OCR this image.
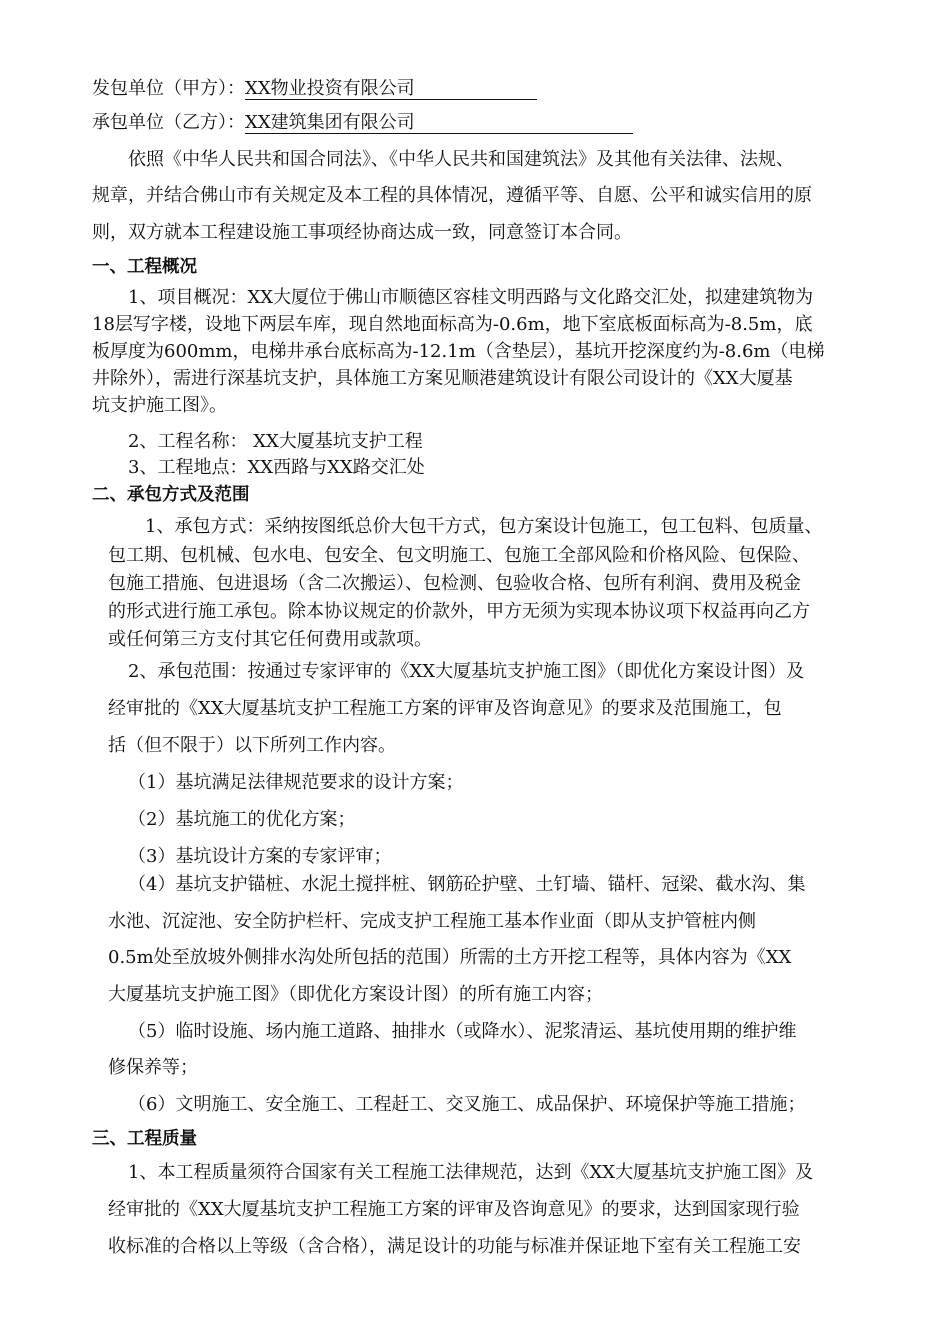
发包单位（甲方）：XX物业投资有限公司
承包单位（乙方）：XX建筑集团有限公司
依照《中华人民共和国合同法》、《中华人民共和国建筑法》及其他有关法律、法规、
规章，并结合佛山市有关规定及本工程的具体情况，遵循平等、自愿、公平和诚实信用的原
则，双方就本工程建设施工事项经协商达成一致，同意签订本合同。
一、工程概况
1、项目概况：XX大厦位于佛山市顺德区容桂文明西路与文化路交汇处，拟建建筑物为
18层写字楼，设地下两层车库，现自然地面标高为-0.6m，地下室底板面标高为-8.5m，底
板厚度为600mm，电梯井承台底标高为-12.1m（含垫层），基坑开挖深度约为-8.6m（电梯
井除外），需进行深基坑支护，具体施工方案见顺港建筑设计有限公司设计的《XX大厦基
坑支护施工图》。
2、工程名称： XX大厦基坑支护工程
3、工程地点：XX西路与XX路交汇处
二、承包方式及范围
1、承包方式：采纳按图纸总价大包干方式，包方案设计包施工，包工包料、包质量、
包工期、包机械、包水电、包安全、包文明施工、包施工全部风险和价格风险、包保险、
包施工措施、包进退场（含二次搬运）、包检测、包验收合格、包所有利润、费用及税金
的形式进行施工承包。除本协议规定的价款外，甲方无须为实现本协议项下权益再向乙方
或任何第三方支付其它任何费用或款项。
2、承包范围：按通过专家评审的《XX大厦基坑支护施工图》（即优化方案设计图）及
经审批的《XX大厦基坑支护工程施工方案的评审及咨询意见》的要求及范围施工，包
括（但不限于）以下所列工作内容。
（1）基坑满足法律规范要求的设计方案；
（2）基坑施工的优化方案；
（3）基坑设计方案的专家评审；
（4）基坑支护锚桩、水泥土搅拌桩、钢筋砼护壁、土钉墙、锚杆、冠梁、截水沟、集
水池、沉淀池、安全防护栏杆、完成支护工程施工基本作业面（即从支护管桩内侧
0.5m处至放坡外侧排水沟处所包括的范围）所需的土方开挖工程等，具体内容为《XX
大厦基坑支护施工图》（即优化方案设计图）的所有施工内容；
（5）临时设施、场内施工道路、抽排水（或降水）、泥浆清运、基坑使用期的维护维
修保养等；
（6）文明施工、安全施工、工程赶工、交叉施工、成品保护、环境保护等施工措施；
三、工程质量
1、本工程质量须符合国家有关工程施工法律规范，达到《XX大厦基坑支护施工图》及
经审批的《XX大厦基坑支护工程施工方案的评审及咨询意见》的要求，达到国家现行验
收标准的合格以上等级（含合格），满足设计的功能与标准并保证地下室有关工程施工安
